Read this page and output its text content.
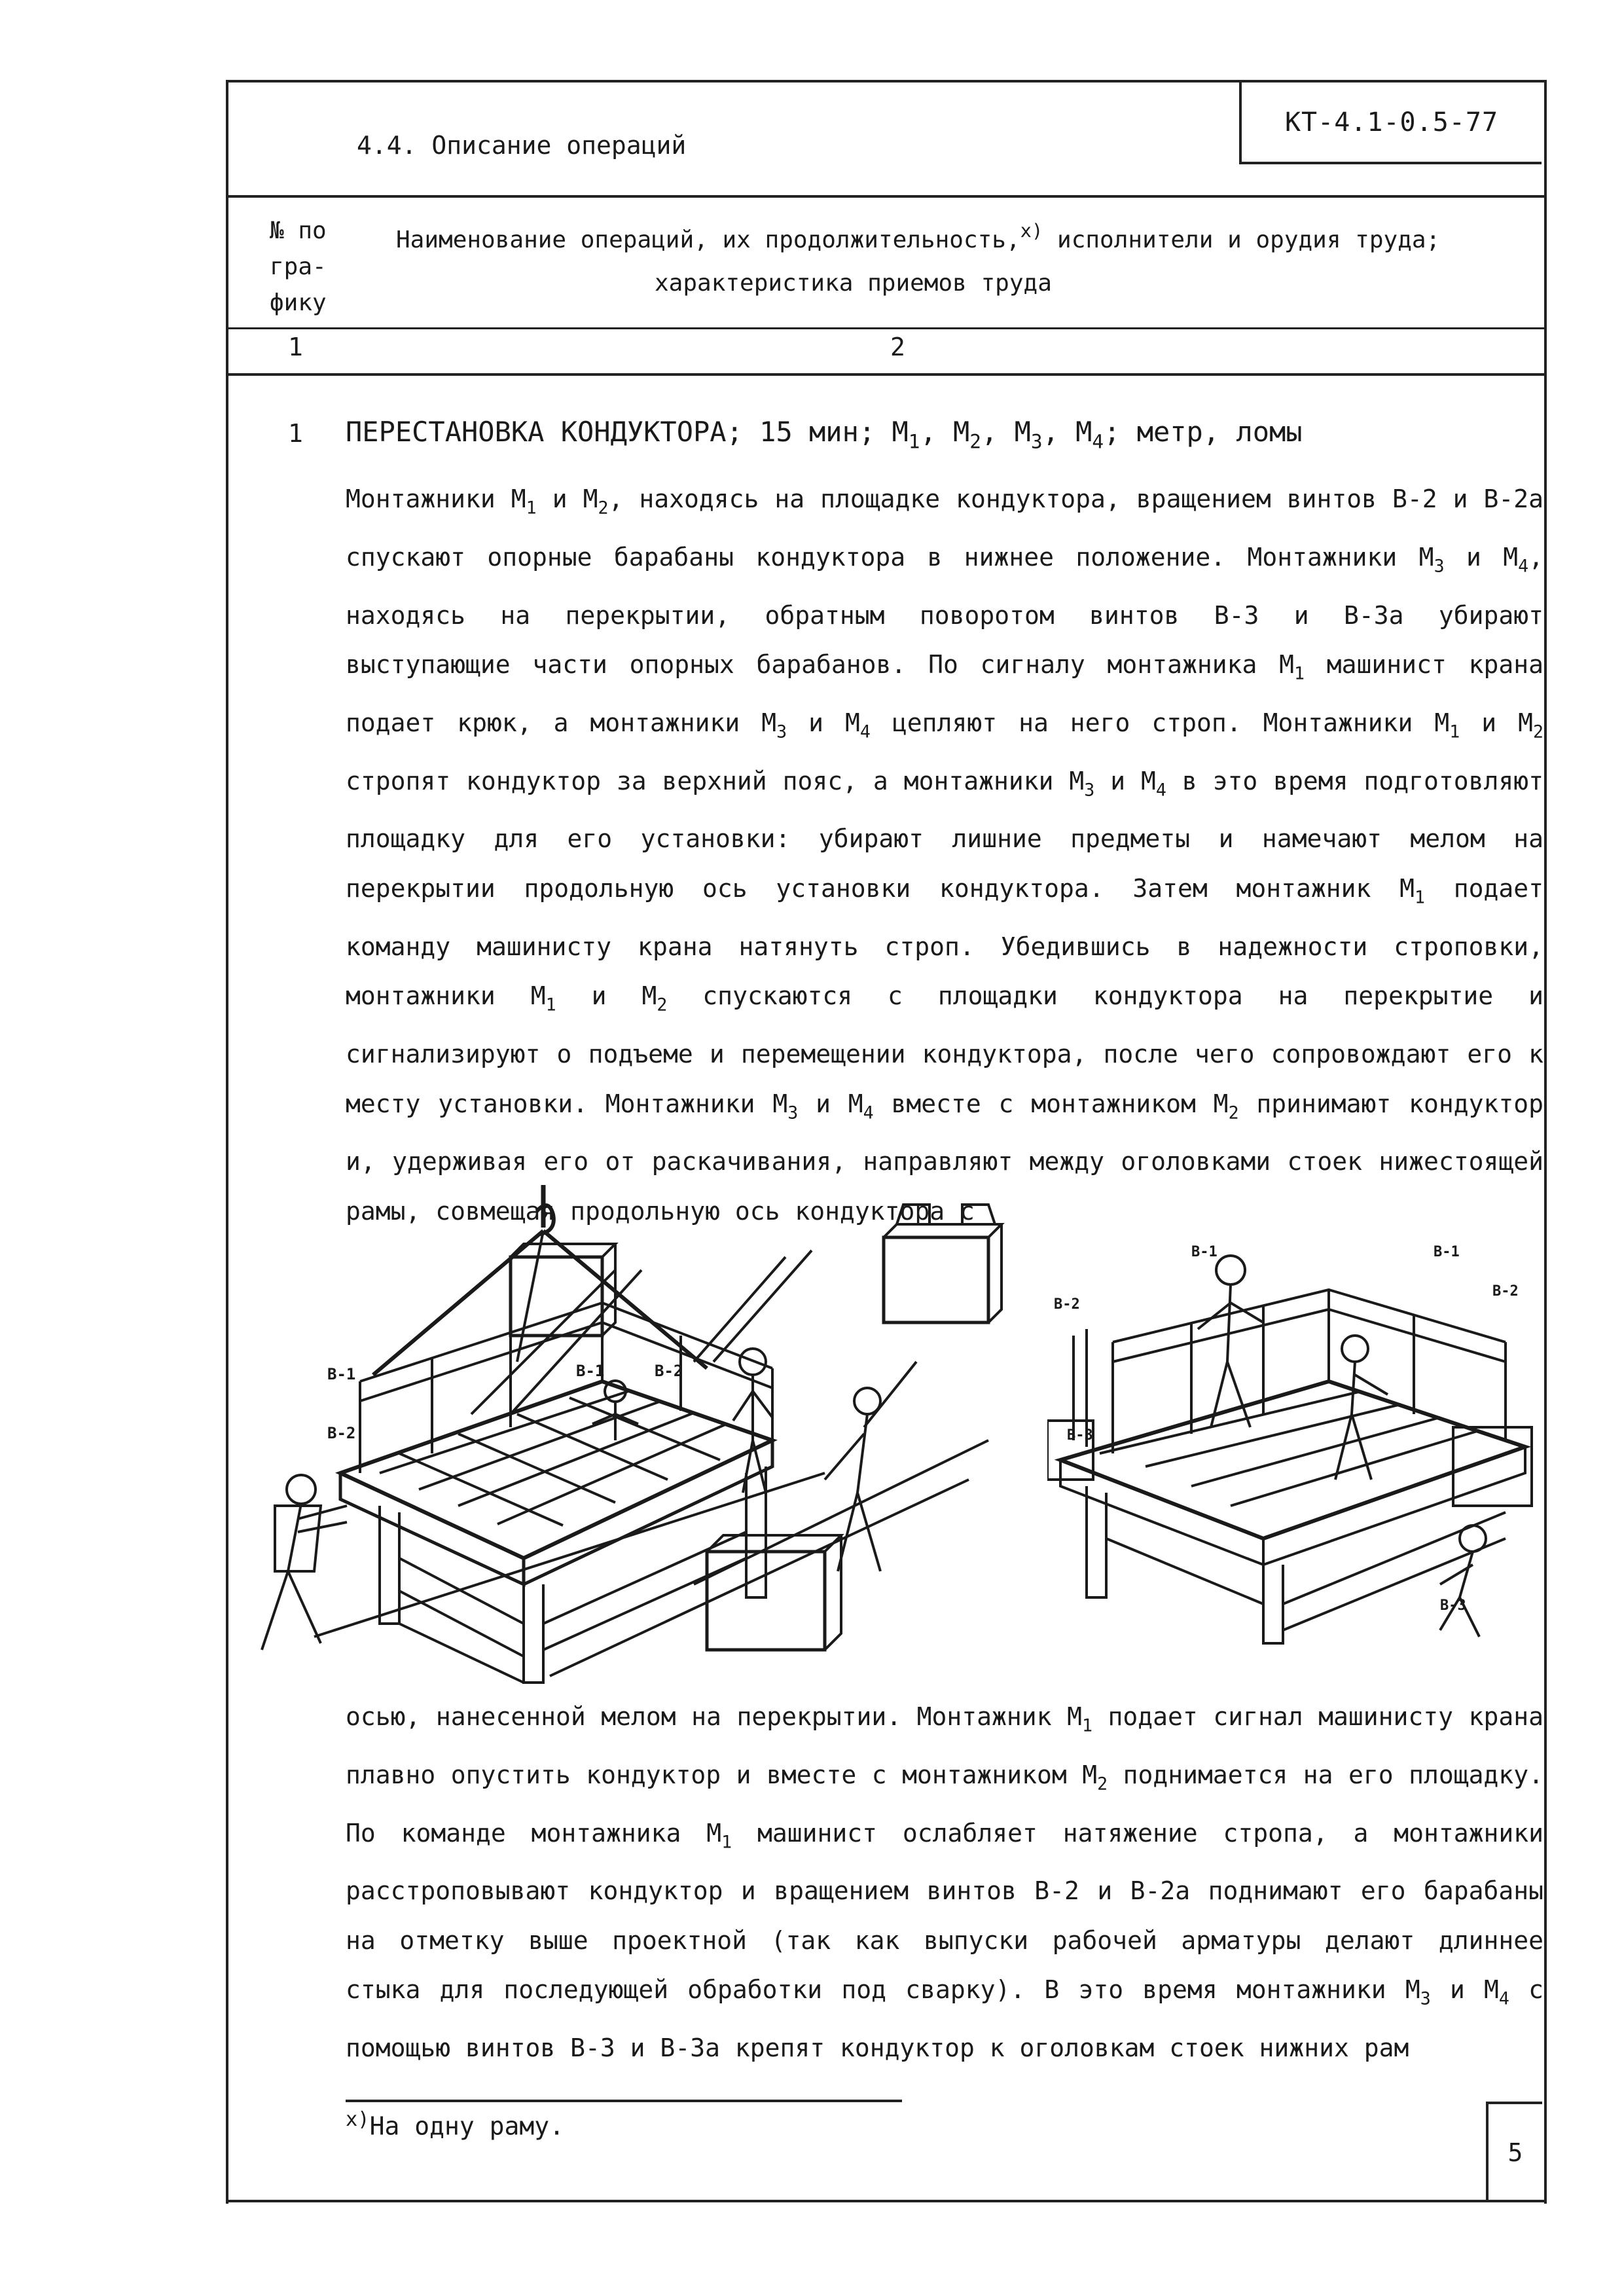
КТ-4.1-0.5-77
4.4. Описание операций
№ по
гра-
фику
Наименование операций, их продолжительность,$^{x)}$ исполнители и орудия труда;
характеристика приемов труда
1	2
1 ПЕРЕСТАНОВКА КОНДУКТОРА; 15 мин; $М_1$, $М_2$, $М_3$, $М_4$; метр, ломы

Монтажники $М_1$ и $М_2$, находясь на площадке кондуктора, вращением винтов В-2 и В-2а спускают опорные барабаны кондуктора в нижнее положение. Монтажники $М_3$ и $М_4$, находясь на перекрытии, обратным поворотом винтов В-3 и В-3а убирают выступающие части опорных барабанов. По сигналу монтажника $М_1$ машинист крана подает крюк, а монтажники $М_3$ и $М_4$ цепляют на него строп. Монтажники $М_1$ и $М_2$ стропят кондуктор за верхний пояс, а монтажники $М_3$ и $М_4$ в это время подготовляют площадку для его установки: убирают лишние предметы и намечают мелом на перекрытии продольную ось установки кондуктора. Затем монтажник $М_1$ подает команду машинисту крана натянуть строп. Убедившись в надежности строповки, монтажники $М_1$ и $М_2$ спускаются с площадки кондуктора на перекрытие и сигнализируют о подъеме и перемещении кондуктора, после чего сопровождают его к месту установки. Монтажники $М_3$ и $М_4$ вместе с монтажником $М_2$ принимают кондуктор и, удерживая его от раскачивания, направляют между оголовками стоек нижестоящей рамы, совмещая продольную ось кондуктора с

В-1
В-2
В-2
В-1
В-1
В-2
В-1
В-2
В-3
В-3

осью, нанесенной мелом на перекрытии. Монтажник $М_1$ подает сигнал машинисту крана плавно опустить кондуктор и вместе с монтажником $М_2$ поднимается на его площадку. По команде монтажника $М_1$ машинист ослабляет натяжение стропа, а монтажники расстроповывают кондуктор и вращением винтов В-2 и В-2а поднимают его барабаны на отметку выше проектной (так как выпуски рабочей арматуры делают длиннее стыка для последующей обработки под сварку). В это время монтажники $М_3$ и $М_4$ с помощью винтов В-3 и В-3а крепят кондуктор к оголовкам стоек нижних рам

$^{x)}$На одну раму.
5
